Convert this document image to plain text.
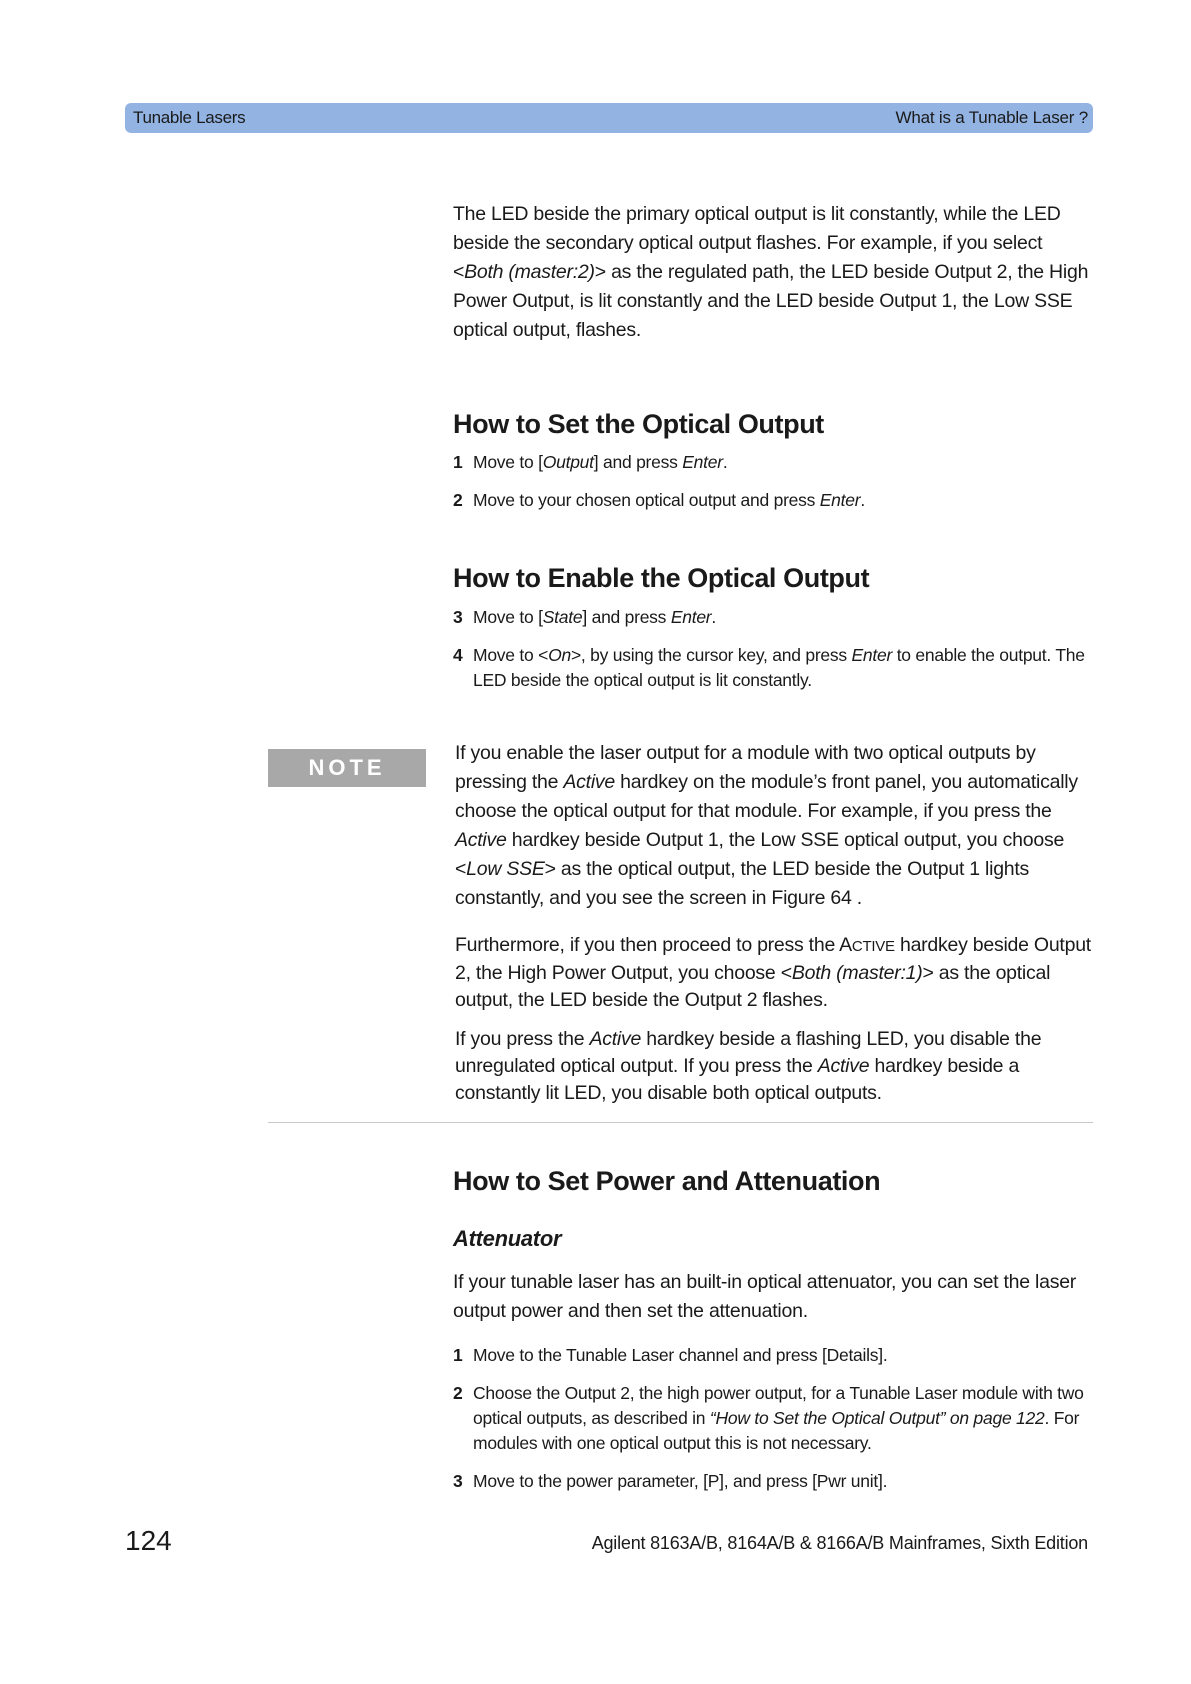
Tunable Lasers	What is a Tunable Laser ?
The LED beside the primary optical output is lit constantly, while the LED beside the secondary optical output flashes. For example, if you select <Both (master:2)> as the regulated path, the LED beside Output 2, the High Power Output, is lit constantly and the LED beside Output 1, the Low SSE optical output, flashes.
How to Set the Optical Output
1 Move to [Output] and press Enter.
2 Move to your chosen optical output and press Enter.
How to Enable the Optical Output
3 Move to [State] and press Enter.
4 Move to <On>, by using the cursor key, and press Enter to enable the output. The LED beside the optical output is lit constantly.
NOTE
If you enable the laser output for a module with two optical outputs by pressing the Active hardkey on the module’s front panel, you automatically choose the optical output for that module. For example, if you press the Active hardkey beside Output 1, the Low SSE optical output, you choose <Low SSE> as the optical output, the LED beside the Output 1 lights constantly, and you see the screen in Figure 64 .
Furthermore, if you then proceed to press the ACTIVE hardkey beside Output 2, the High Power Output, you choose <Both (master:1)> as the optical output, the LED beside the Output 2 flashes.
If you press the Active hardkey beside a flashing LED, you disable the unregulated optical output. If you press the Active hardkey beside a constantly lit LED, you disable both optical outputs.
How to Set Power and Attenuation
Attenuator
If your tunable laser has an built-in optical attenuator, you can set the laser output power and then set the attenuation.
1 Move to the Tunable Laser channel and press [Details].
2 Choose the Output 2, the high power output, for a Tunable Laser module with two optical outputs, as described in “How to Set the Optical Output” on page 122. For modules with one optical output this is not necessary.
3 Move to the power parameter, [P], and press [Pwr unit].
124	Agilent 8163A/B, 8164A/B & 8166A/B Mainframes, Sixth Edition
